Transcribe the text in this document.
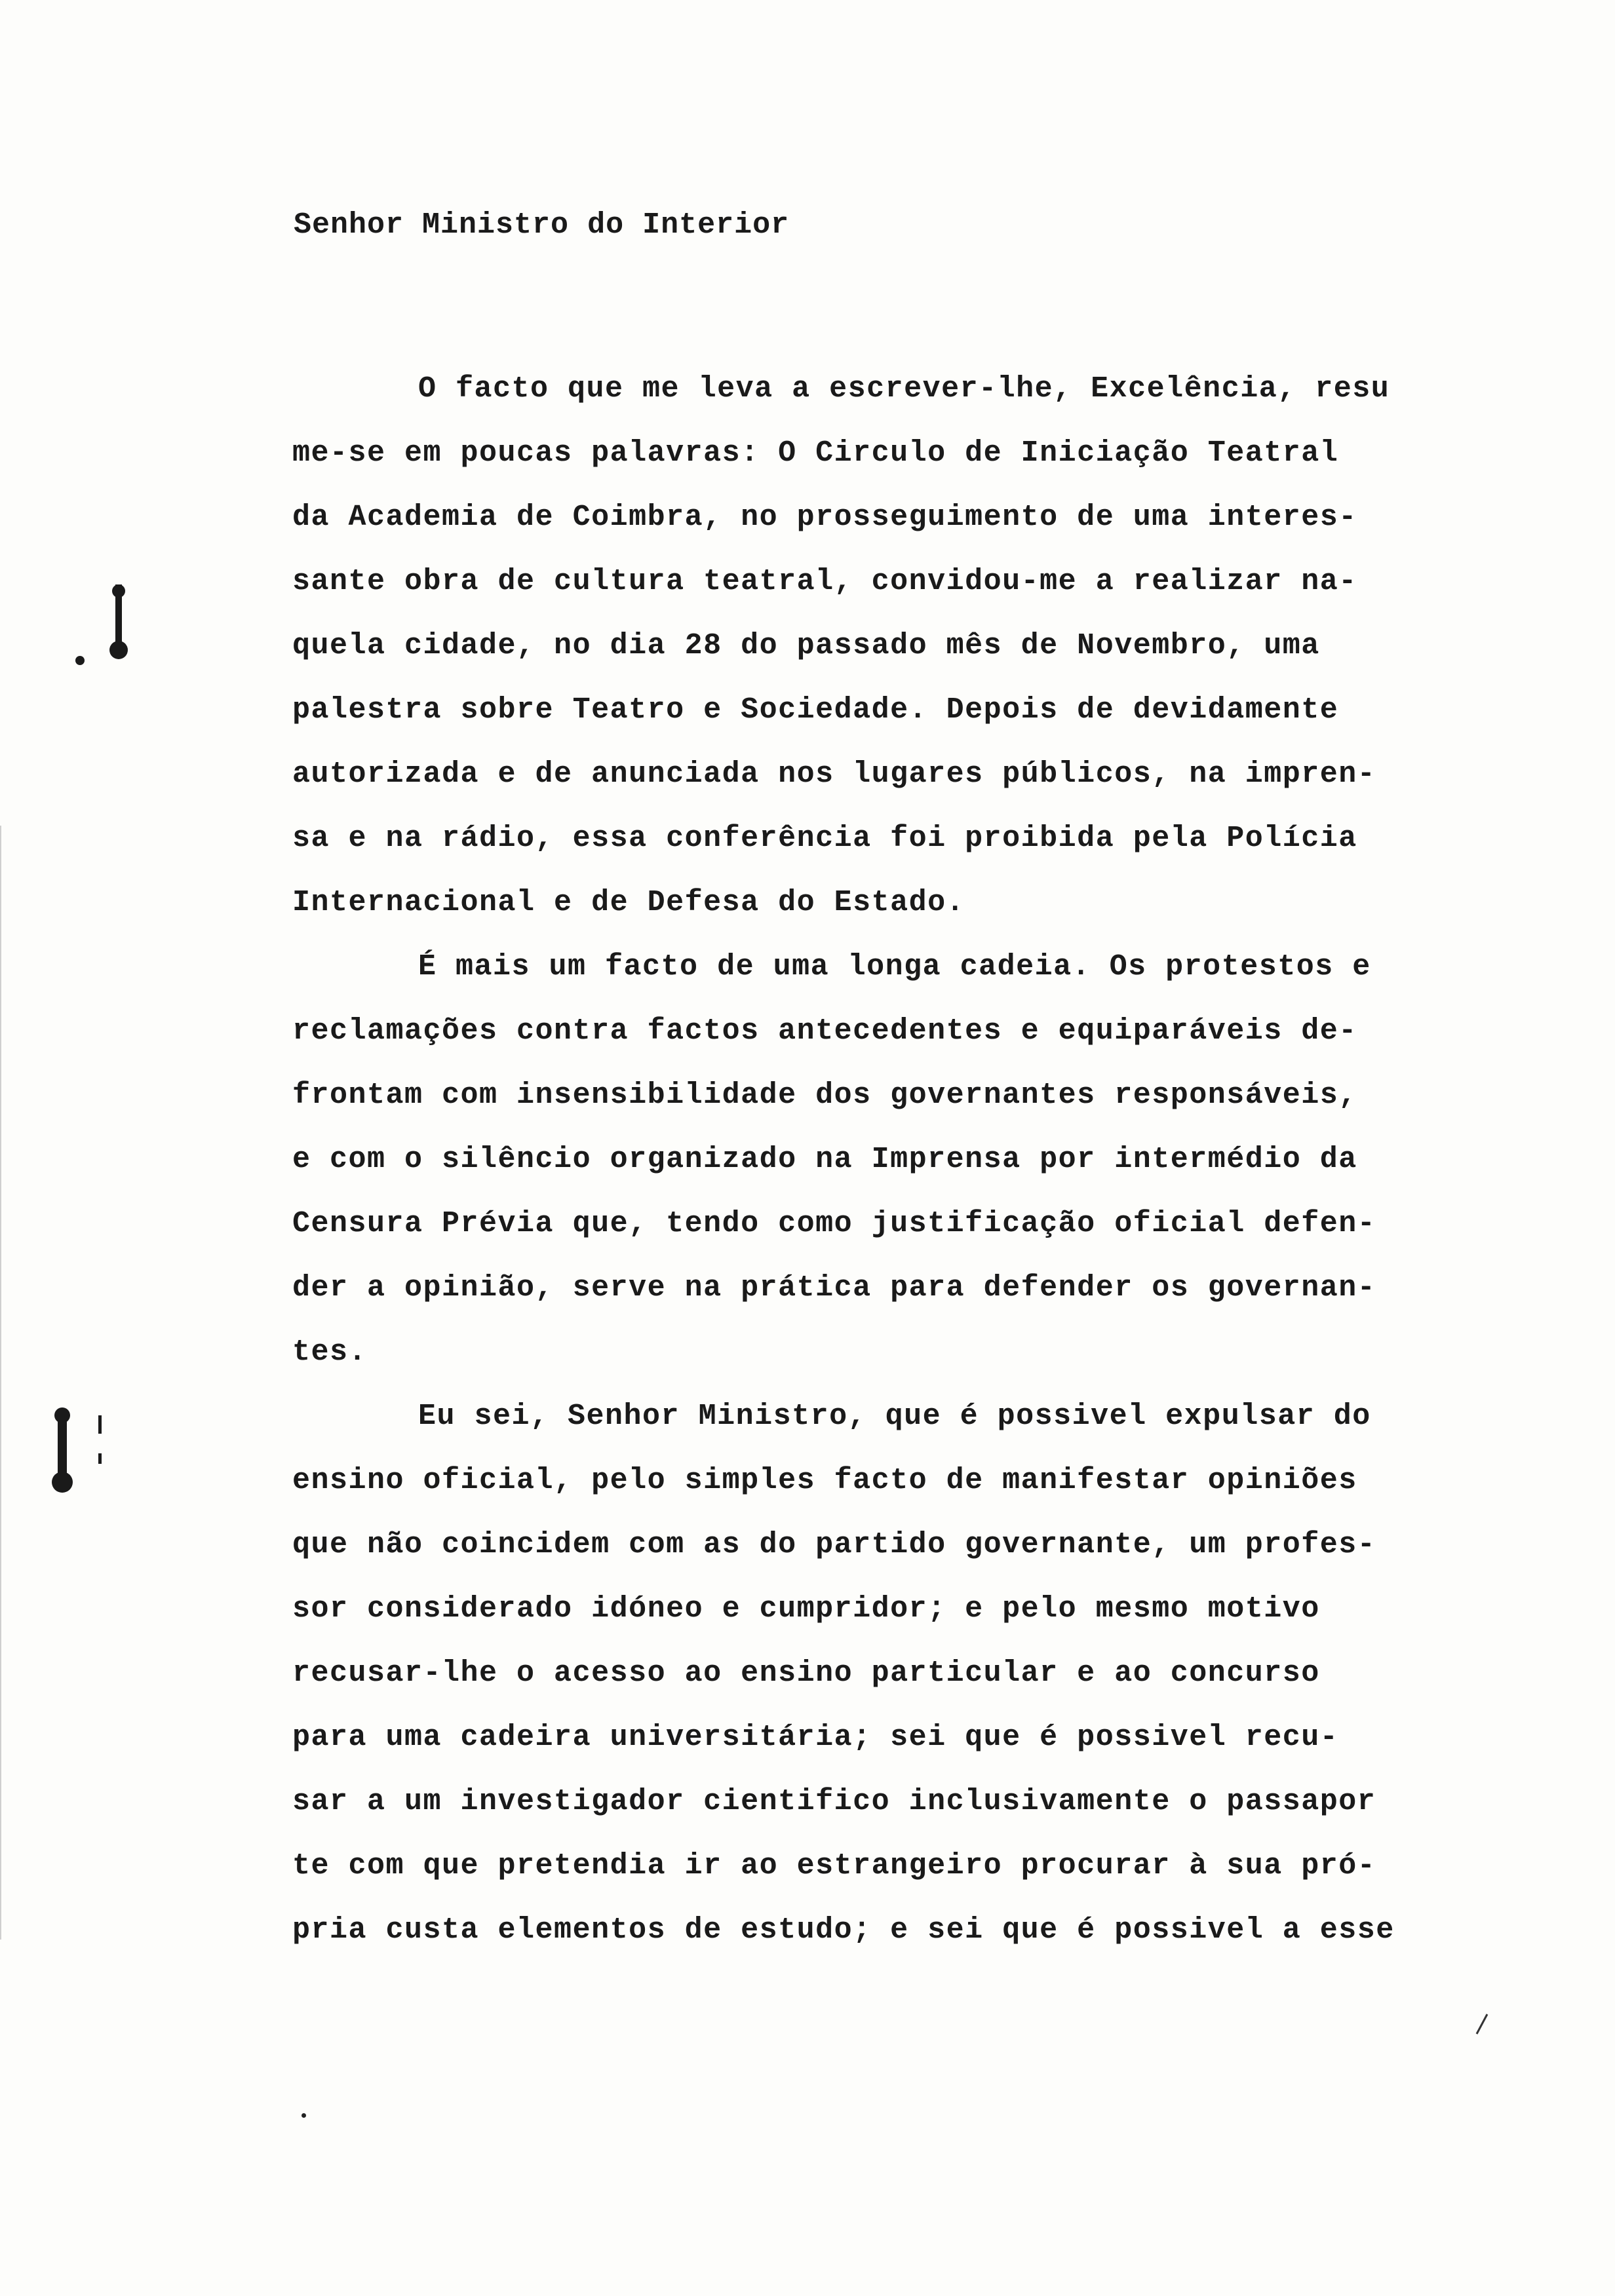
Senhor Ministro do Interior
O facto que me leva a escrever-lhe, Excelência, resu
me-se em poucas palavras: O Circulo de Iniciação Teatral
da Academia de Coimbra, no prosseguimento de uma interes-
sante obra de cultura teatral, convidou-me a realizar na-
quela cidade, no dia 28 do passado mês de Novembro, uma
palestra sobre Teatro e Sociedade. Depois de devidamente
autorizada e de anunciada nos lugares públicos, na impren-
sa e na rádio, essa conferência foi proibida pela Polícia
Internacional e de Defesa do Estado.
É mais um facto de uma longa cadeia. Os protestos e
reclamações contra factos antecedentes e equiparáveis de-
frontam com insensibilidade dos governantes responsáveis,
e com o silêncio organizado na Imprensa por intermédio da
Censura Prévia que, tendo como justificação oficial defen-
der a opinião, serve na prática para defender os governan-
tes.
Eu sei, Senhor Ministro, que é possivel expulsar do
ensino oficial, pelo simples facto de manifestar opiniões
que não coincidem com as do partido governante, um profes-
sor considerado idóneo e cumpridor; e pelo mesmo motivo
recusar-lhe o acesso ao ensino particular e ao concurso
para uma cadeira universitária; sei que é possivel recu-
sar a um investigador cientifico inclusivamente o passapor
te com que pretendia ir ao estrangeiro procurar à sua pró-
pria custa elementos de estudo; e sei que é possivel a esse
